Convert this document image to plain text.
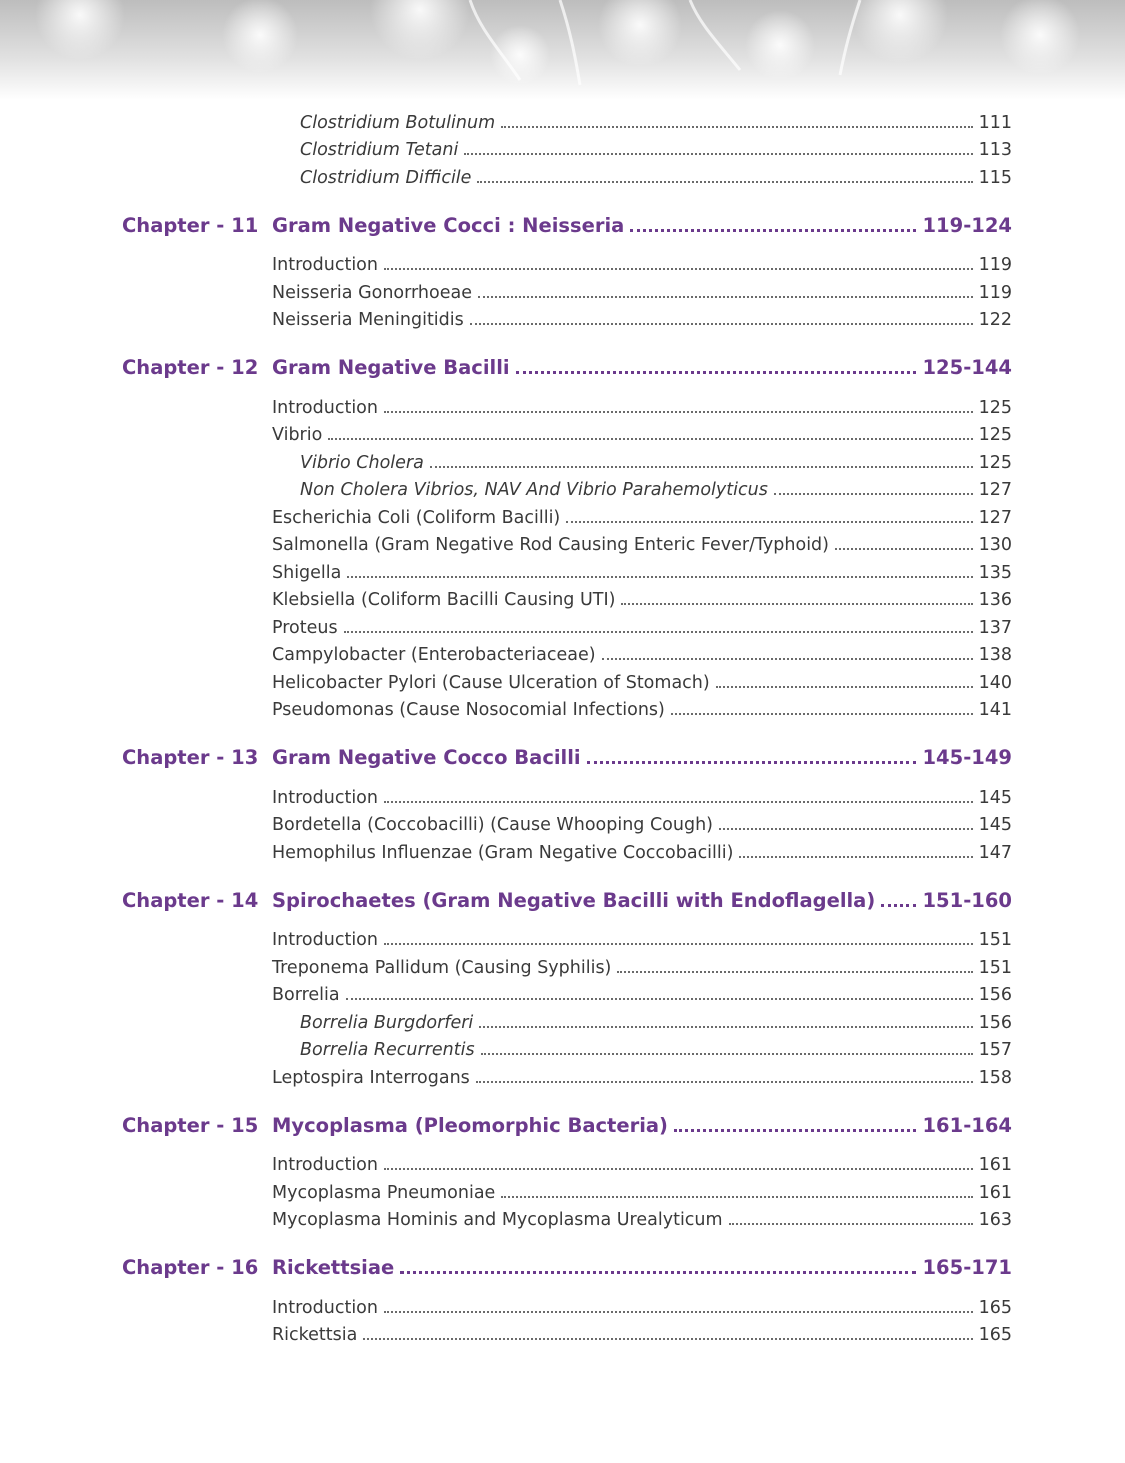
Clostridium Botulinum	111
Clostridium Tetani	113
Clostridium Difficile	115
Chapter - 11 Gram Negative Cocci : Neisseria	119-124
Introduction	119
Neisseria Gonorrhoeae	119
Neisseria Meningitidis	122
Chapter - 12 Gram Negative Bacilli	125-144
Introduction	125
Vibrio	125
Vibrio Cholera	125
Non Cholera Vibrios, NAV And Vibrio Parahemolyticus	127
Escherichia Coli (Coliform Bacilli)	127
Salmonella (Gram Negative Rod Causing Enteric Fever/Typhoid)	130
Shigella	135
Klebsiella (Coliform Bacilli Causing UTI)	136
Proteus	137
Campylobacter (Enterobacteriaceae)	138
Helicobacter Pylori (Cause Ulceration of Stomach)	140
Pseudomonas (Cause Nosocomial Infections)	141
Chapter - 13 Gram Negative Cocco Bacilli	145-149
Introduction	145
Bordetella (Coccobacilli) (Cause Whooping Cough)	145
Hemophilus Influenzae (Gram Negative Coccobacilli)	147
Chapter - 14 Spirochaetes (Gram Negative Bacilli with Endoflagella)	151-160
Introduction	151
Treponema Pallidum (Causing Syphilis)	151
Borrelia	156
Borrelia Burgdorferi	156
Borrelia Recurrentis	157
Leptospira Interrogans	158
Chapter - 15 Mycoplasma (Pleomorphic Bacteria)	161-164
Introduction	161
Mycoplasma Pneumoniae	161
Mycoplasma Hominis and Mycoplasma Urealyticum	163
Chapter - 16 Rickettsiae	165-171
Introduction	165
Rickettsia	165
